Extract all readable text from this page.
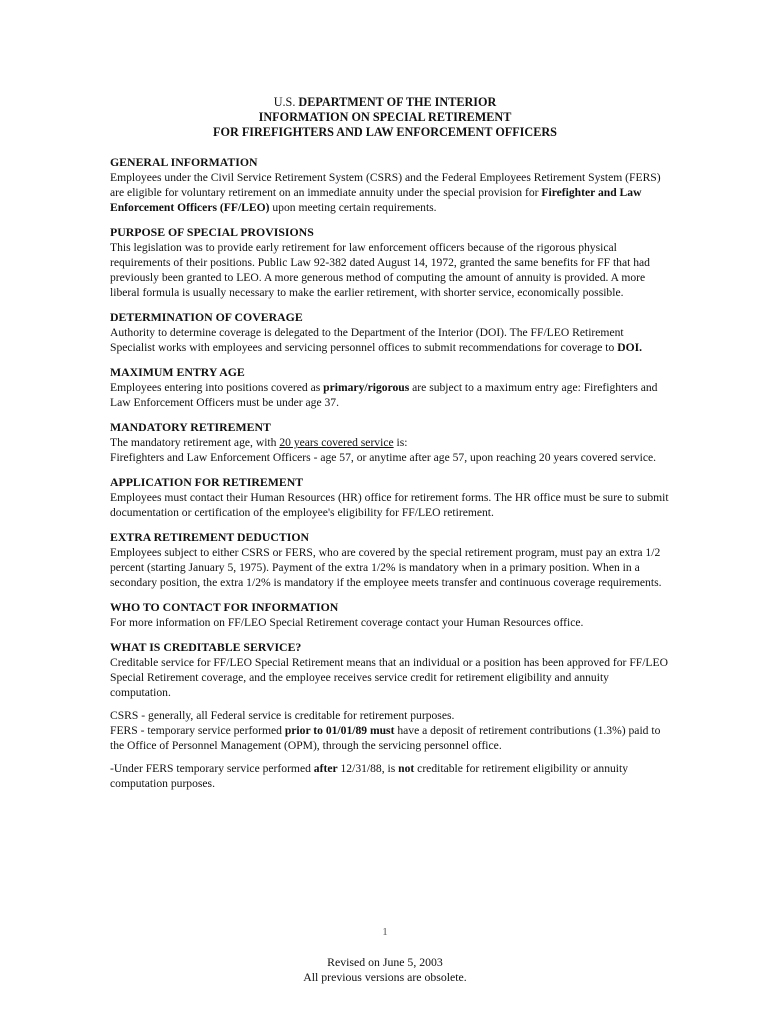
U.S. DEPARTMENT OF THE INTERIOR
INFORMATION ON SPECIAL RETIREMENT
FOR FIREFIGHTERS AND LAW ENFORCEMENT OFFICERS
GENERAL INFORMATION

Employees under the Civil Service Retirement System (CSRS) and the Federal Employees Retirement System (FERS) are eligible for voluntary retirement on an immediate annuity under the special provision for Firefighter and Law Enforcement Officers (FF/LEO) upon meeting certain requirements.

PURPOSE OF SPECIAL PROVISIONS

This legislation was to provide early retirement for law enforcement officers because of the rigorous physical requirements of their positions. Public Law 92-382 dated August 14, 1972, granted the same benefits for FF that had previously been granted to LEO. A more generous method of computing the amount of annuity is provided. A more liberal formula is usually necessary to make the earlier retirement, with shorter service, economically possible.

DETERMINATION OF COVERAGE

Authority to determine coverage is delegated to the Department of the Interior (DOI). The FF/LEO Retirement Specialist works with employees and servicing personnel offices to submit recommendations for coverage to DOI.

MAXIMUM ENTRY AGE

Employees entering into positions covered as primary/rigorous are subject to a maximum entry age: Firefighters and Law Enforcement Officers must be under age 37.

MANDATORY RETIREMENT

The mandatory retirement age, with 20 years covered service is:

Firefighters and Law Enforcement Officers - age 57, or anytime after age 57, upon reaching 20 years covered service.

APPLICATION FOR RETIREMENT

Employees must contact their Human Resources (HR) office for retirement forms. The HR office must be sure to submit documentation or certification of the employee's eligibility for FF/LEO retirement.

EXTRA RETIREMENT DEDUCTION

Employees subject to either CSRS or FERS, who are covered by the special retirement program, must pay an extra 1/2 percent (starting January 5, 1975). Payment of the extra 1/2% is mandatory when in a primary position. When in a secondary position, the extra 1/2% is mandatory if the employee meets transfer and continuous coverage requirements.

WHO TO CONTACT FOR INFORMATION

For more information on FF/LEO Special Retirement coverage contact your Human Resources office.

WHAT IS CREDITABLE SERVICE?

Creditable service for FF/LEO Special Retirement means that an individual or a position has been approved for FF/LEO Special Retirement coverage, and the employee receives service credit for retirement eligibility and annuity computation.

CSRS - generally, all Federal service is creditable for retirement purposes.

FERS - temporary service performed prior to 01/01/89 must have a deposit of retirement contributions (1.3%) paid to the Office of Personnel Management (OPM), through the servicing personnel office.

-Under FERS temporary service performed after 12/31/88, is not creditable for retirement eligibility or annuity computation purposes.

1
Revised on June 5, 2003
All previous versions are obsolete.
